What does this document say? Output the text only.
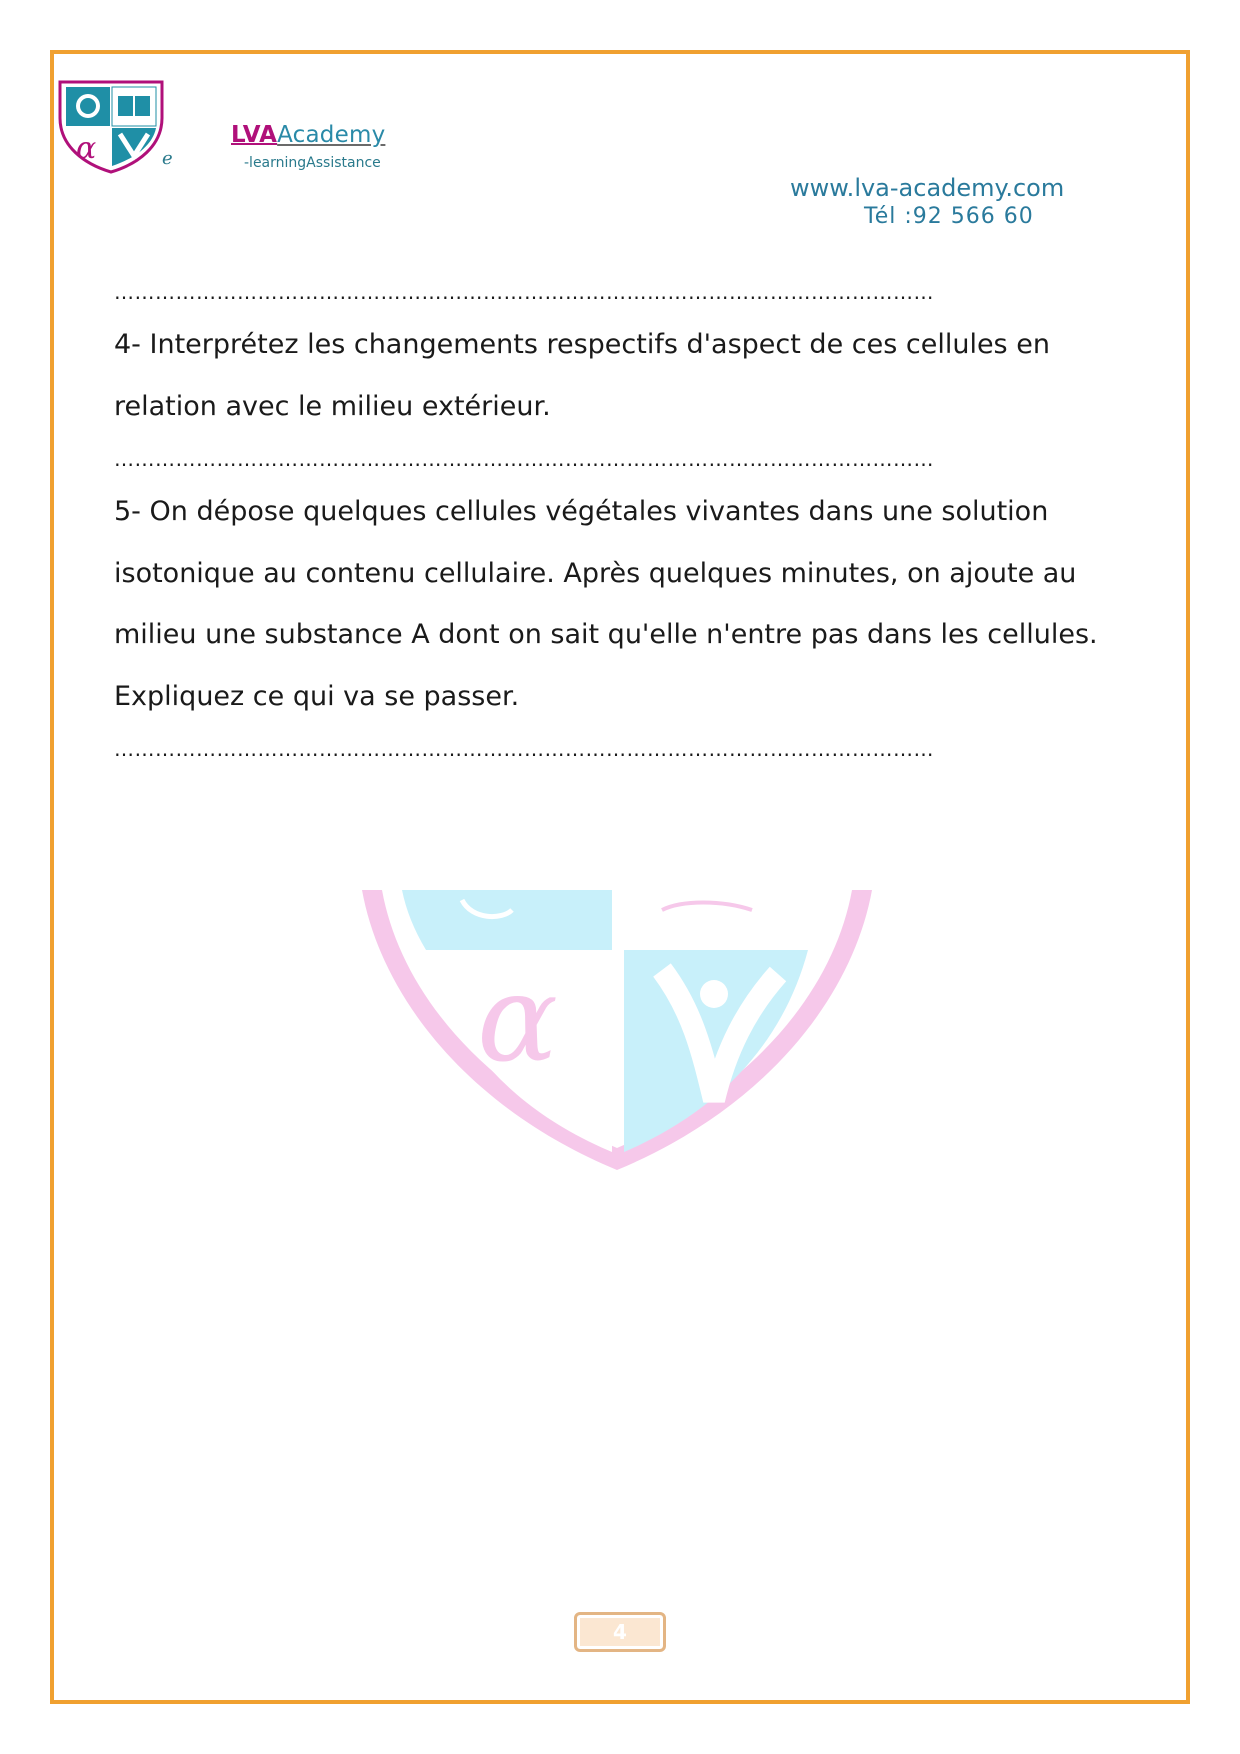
α	e
LVAAcademy
-learningAssistance
www.lva-academy.com
Tél :92 566 60
…………………………………………………………………………………………………………

4- Interprétez les changements respectifs d'aspect de ces cellules en relation avec le milieu extérieur.

…………………………………………………………………………………………………………

5- On dépose quelques cellules végétales vivantes dans une solution isotonique au contenu cellulaire. Après quelques minutes, on ajoute au milieu une substance A dont on sait qu'elle n'entre pas dans les cellules. Expliquez ce qui va se passer.

…………………………………………………………………………………………………………
α
4
